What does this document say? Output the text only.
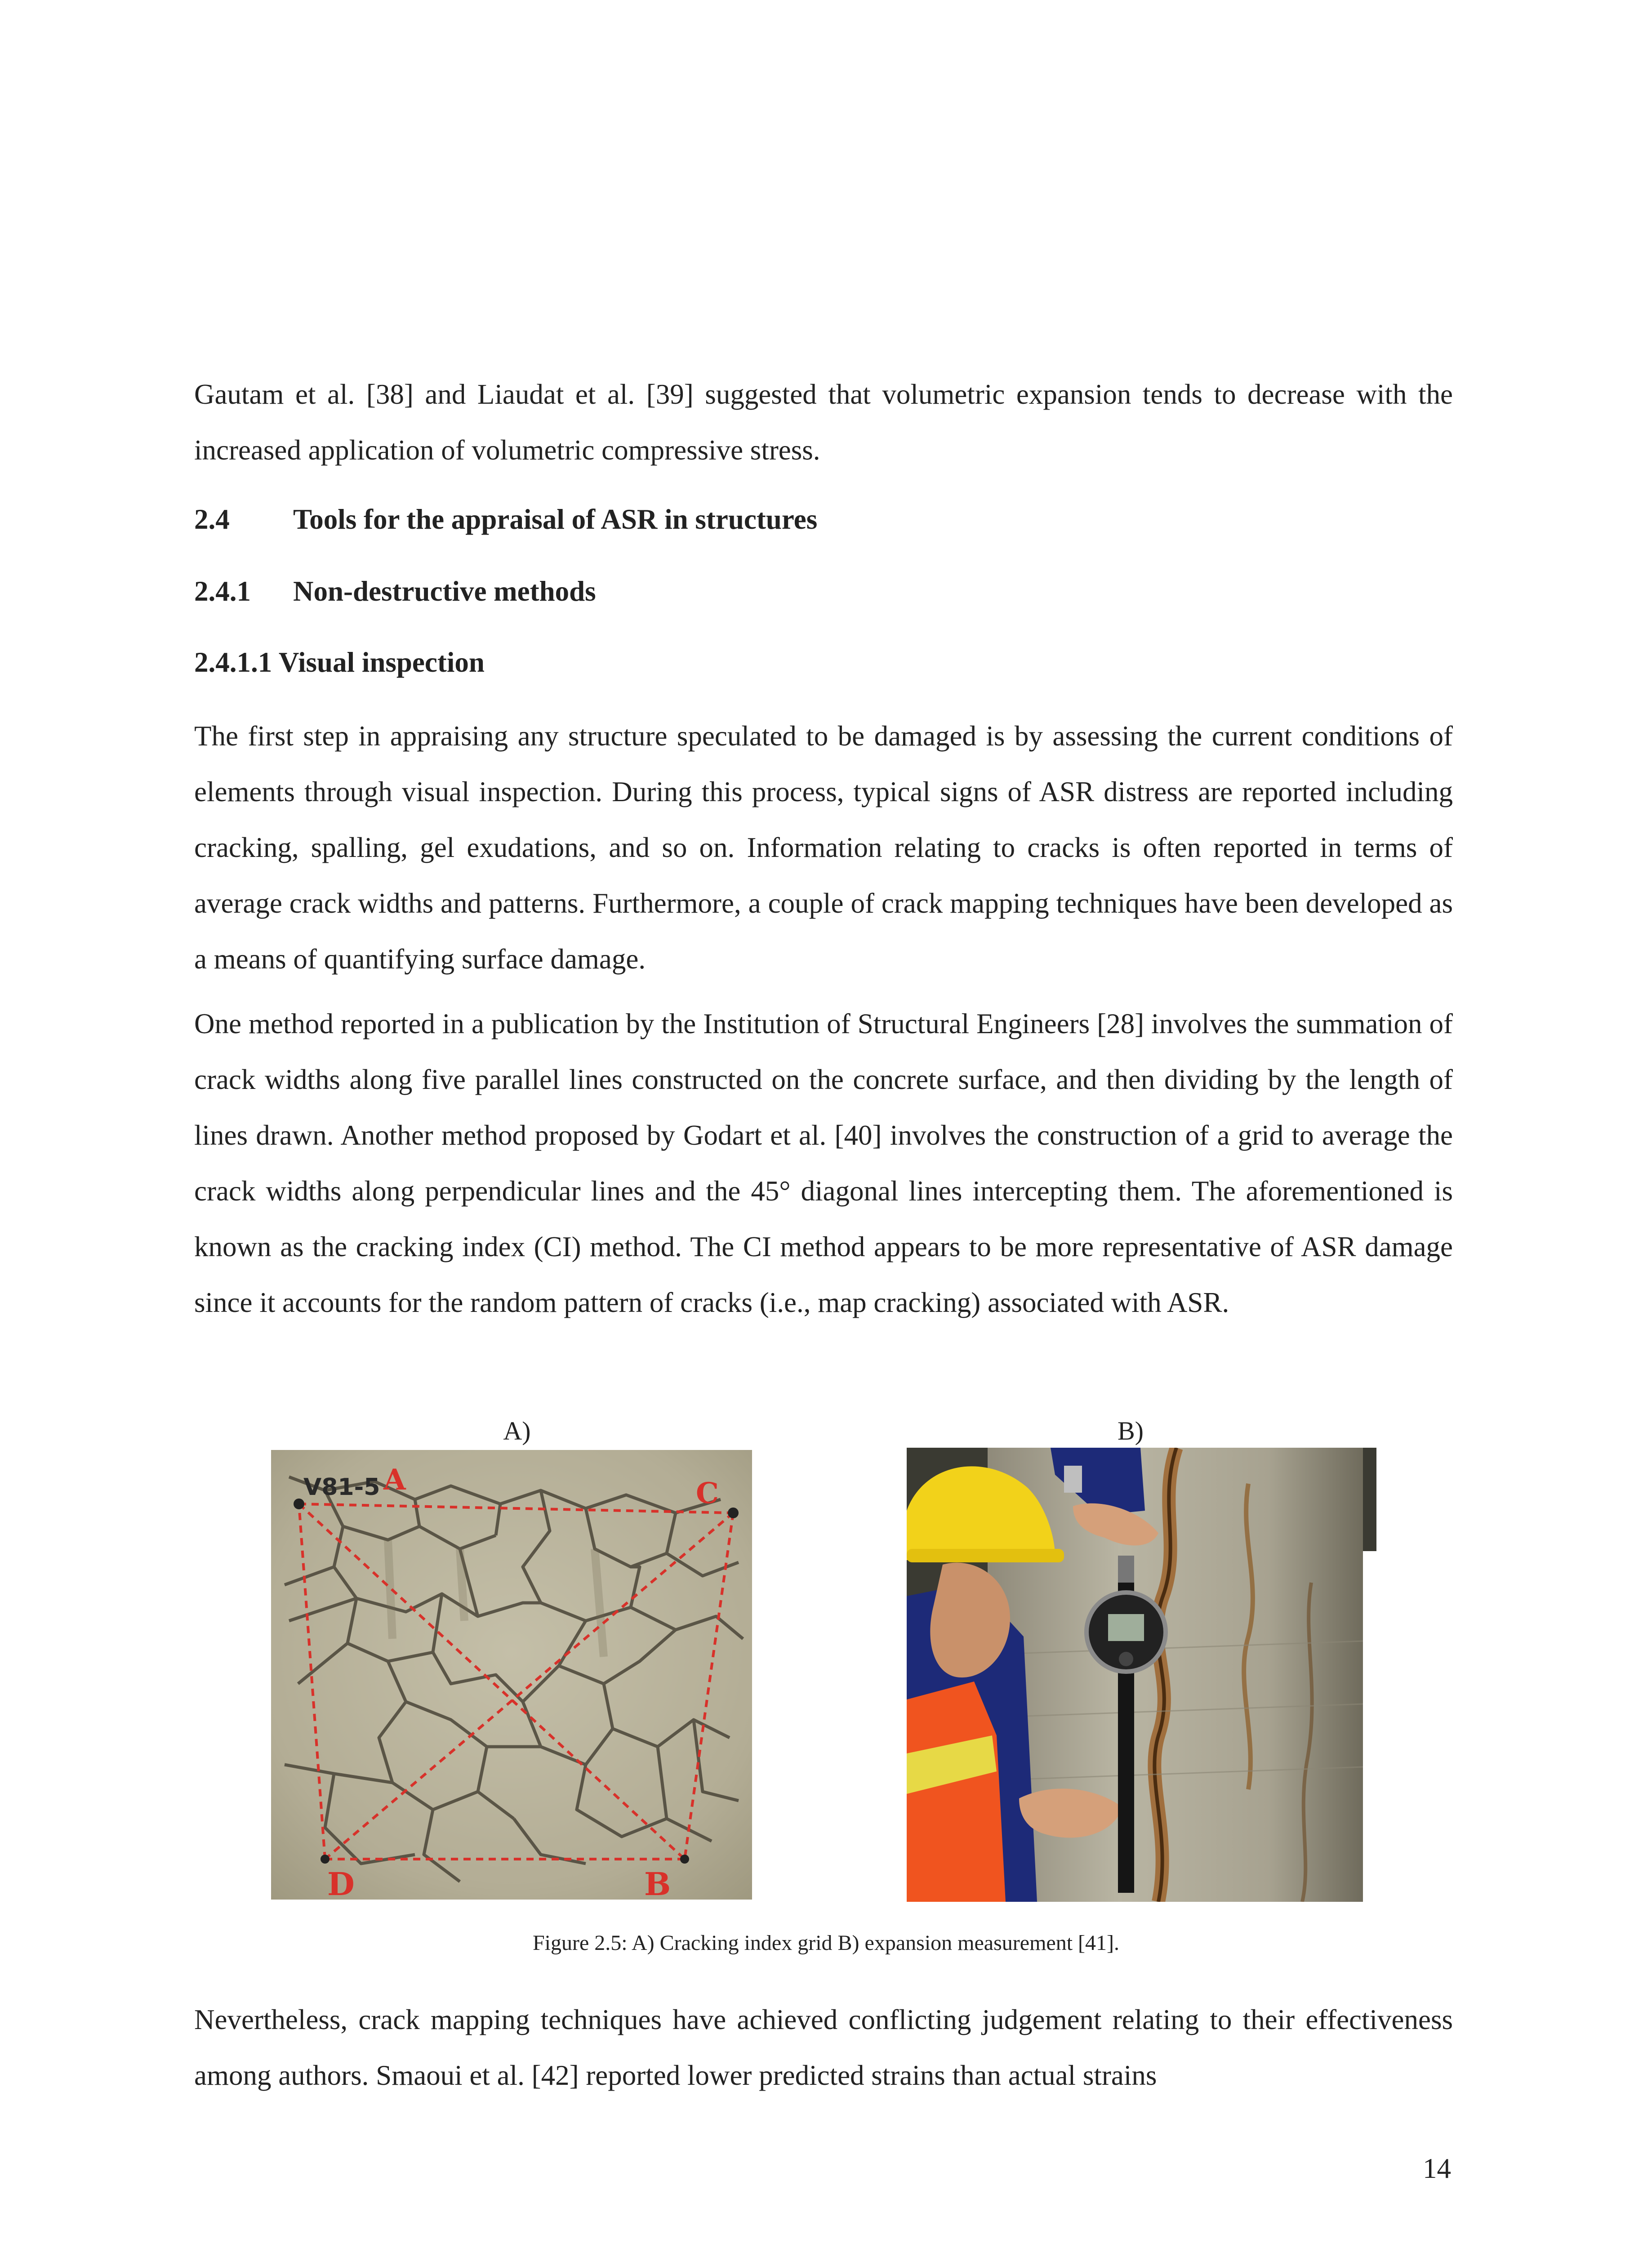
Gautam et al. [38] and Liaudat et al. [39] suggested that volumetric expansion tends to decrease with the increased application of volumetric compressive stress.

2.4 Tools for the appraisal of ASR in structures
2.4.1 Non-destructive methods
2.4.1.1 Visual inspection

The first step in appraising any structure speculated to be damaged is by assessing the current conditions of elements through visual inspection. During this process, typical signs of ASR distress are reported including cracking, spalling, gel exudations, and so on. Information relating to cracks is often reported in terms of average crack widths and patterns. Furthermore, a couple of crack mapping techniques have been developed as a means of quantifying surface damage.

One method reported in a publication by the Institution of Structural Engineers [28] involves the summation of crack widths along five parallel lines constructed on the concrete surface, and then dividing by the length of lines drawn. Another method proposed by Godart et al. [40] involves the construction of a grid to average the crack widths along perpendicular lines and the 45° diagonal lines intercepting them. The aforementioned is known as the cracking index (CI) method. The CI method appears to be more representative of ASR damage since it accounts for the random pattern of cracks (i.e., map cracking) associated with ASR.

A)	B)
V81-5 A	C
D	B
Figure 2.5: A) Cracking index grid B) expansion measurement [41].

Nevertheless, crack mapping techniques have achieved conflicting judgement relating to their effectiveness among authors. Smaoui et al. [42] reported lower predicted strains than actual strains

14
